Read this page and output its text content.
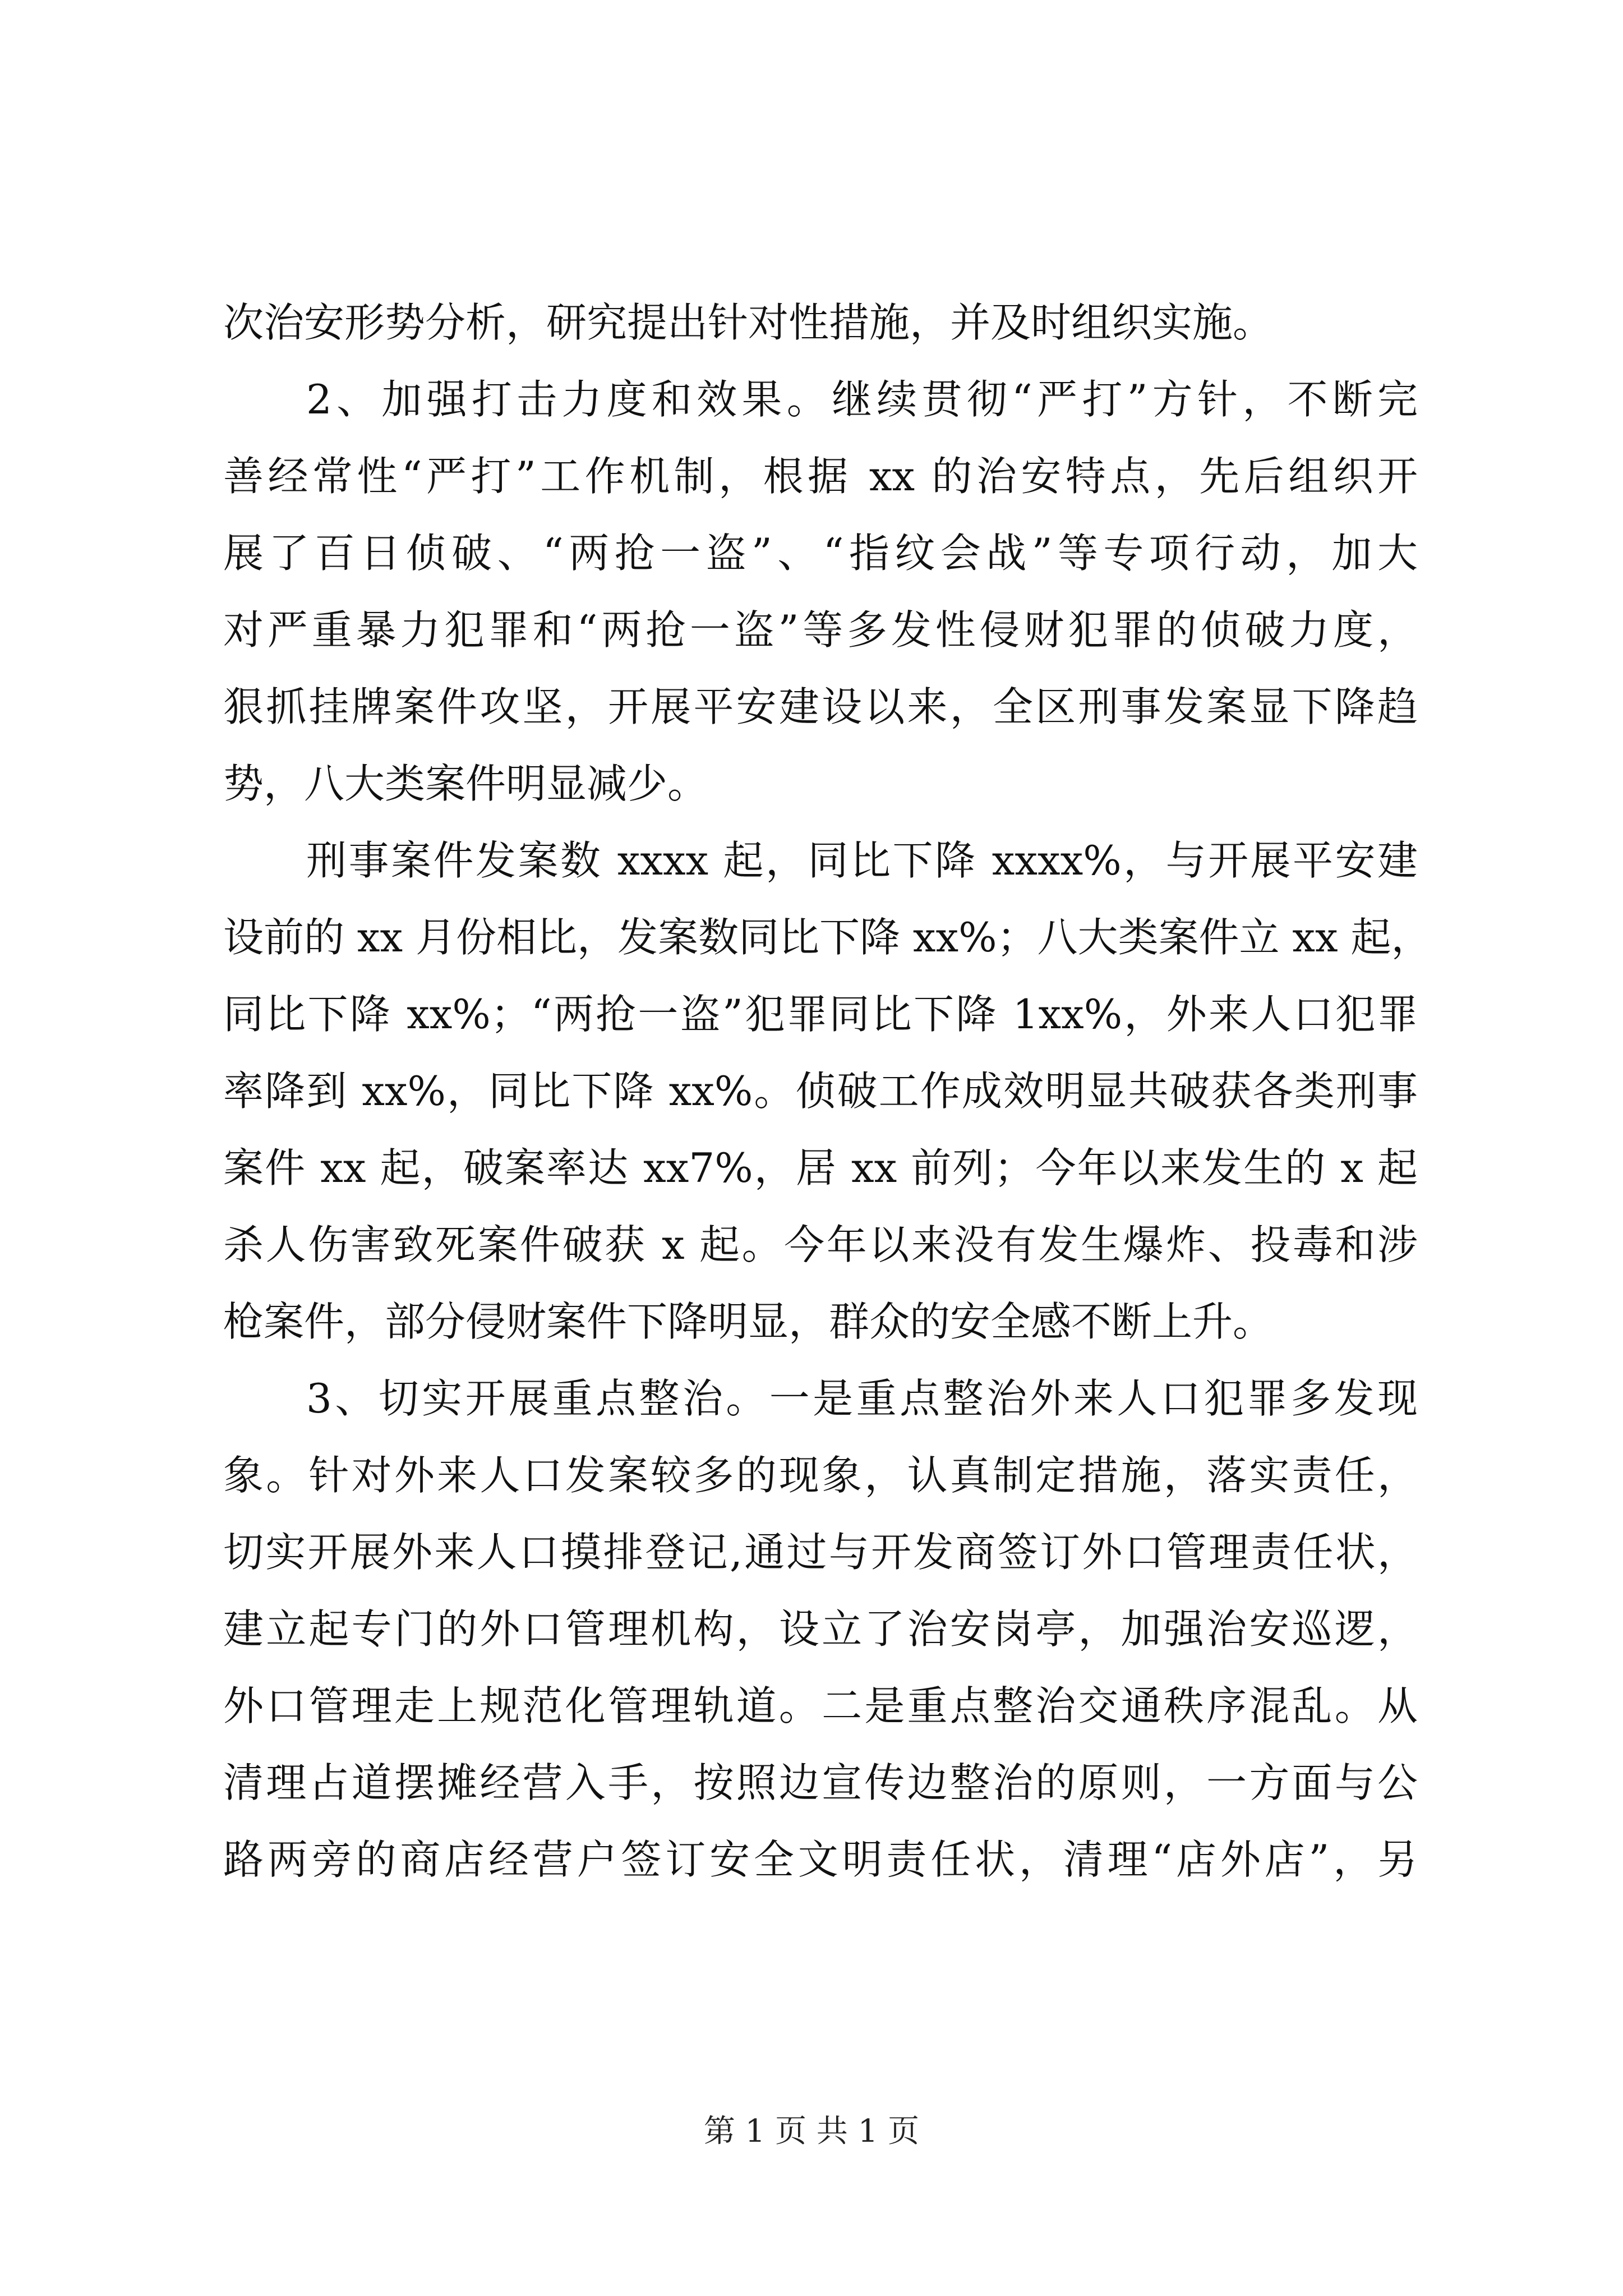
次治安形势分析，研究提出针对性措施，并及时组织实施。
2、加强打击力度和效果。继续贯彻“严打”方针，不断完
善经常性“严打”工作机制，根据 xx 的治安特点，先后组织开
展了百日侦破、“两抢一盗”、“指纹会战”等专项行动，加大
对严重暴力犯罪和“两抢一盗”等多发性侵财犯罪的侦破力度，
狠抓挂牌案件攻坚，开展平安建设以来，全区刑事发案显下降趋
势，八大类案件明显减少。
刑事案件发案数 xxxx 起，同比下降 xxxx%，与开展平安建
设前的 xx 月份相比，发案数同比下降 xx%；八大类案件立 xx 起，
同比下降 xx%；“两抢一盗”犯罪同比下降 1xx%，外来人口犯罪
率降到 xx%，同比下降 xx%。侦破工作成效明显共破获各类刑事
案件 xx 起，破案率达 xx7%，居 xx 前列；今年以来发生的 x 起
杀人伤害致死案件破获 x 起。今年以来没有发生爆炸、投毒和涉
枪案件，部分侵财案件下降明显，群众的安全感不断上升。
3、切实开展重点整治。一是重点整治外来人口犯罪多发现
象。针对外来人口发案较多的现象，认真制定措施，落实责任，
切实开展外来人口摸排登记,通过与开发商签订外口管理责任状，
建立起专门的外口管理机构，设立了治安岗亭，加强治安巡逻，
外口管理走上规范化管理轨道。二是重点整治交通秩序混乱。从
清理占道摆摊经营入手，按照边宣传边整治的原则，一方面与公
路两旁的商店经营户签订安全文明责任状，清理“店外店”，另
第 1 页 共 1 页
